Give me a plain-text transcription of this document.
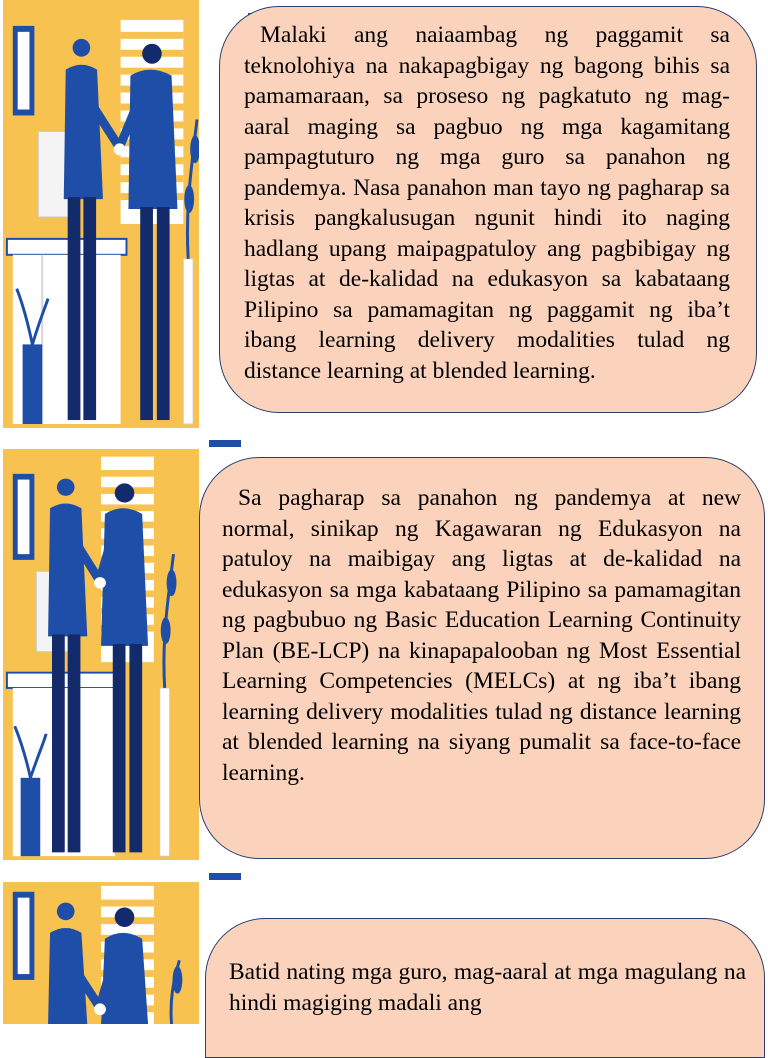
Malaki ang naiaambag ng paggamit sa teknolohiya na nakapagbigay ng bagong bihis sa pamamaraan, sa proseso ng pagkatuto ng mag-aaral maging sa pagbuo ng mga kagamitang pampagtuturo ng mga guro sa panahon ng pandemya. Nasa panahon man tayo ng pagharap sa krisis pangkalusugan ngunit hindi ito naging hadlang upang maipagpatuloy ang pagbibigay ng ligtas at de-kalidad na edukasyon sa kabataang Pilipino sa pamamagitan ng paggamit ng iba’t ibang learning delivery modalities tulad ng distance learning at blended learning.

Sa pagharap sa panahon ng pandemya at new normal, sinikap ng Kagawaran ng Edukasyon na patuloy na maibigay ang ligtas at de-kalidad na edukasyon sa mga kabataang Pilipino sa pamamagitan ng pagbubuo ng Basic Education Learning Continuity Plan (BE-LCP) na kinapapalooban ng Most Essential Learning Competencies (MELCs) at ng iba’t ibang learning delivery modalities tulad ng distance learning at blended learning na siyang pumalit sa face-to-face learning.

Batid nating mga guro, mag-aaral at mga magulang na hindi magiging madali ang
